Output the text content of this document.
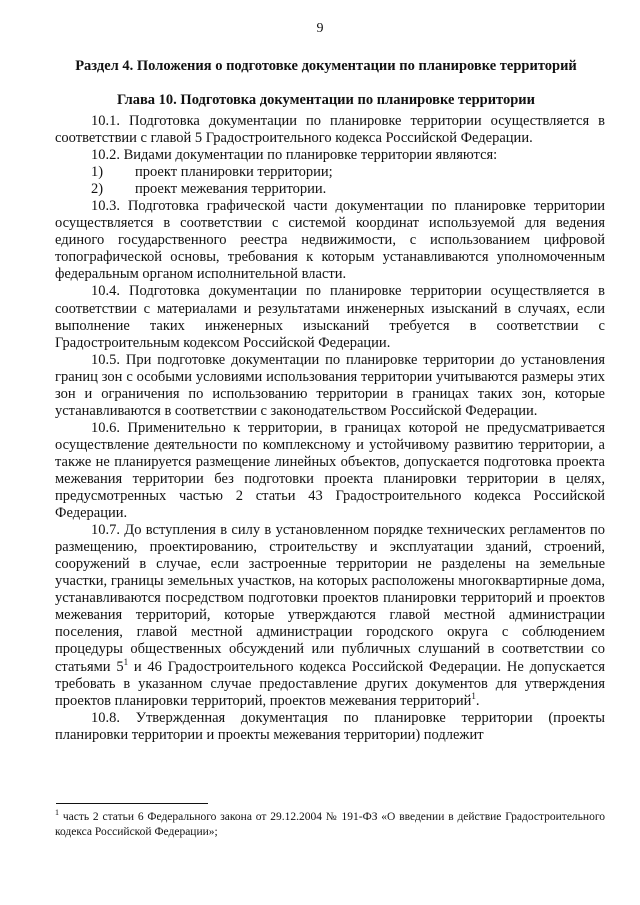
9
Раздел 4. Положения о подготовке документации по планировке территорий
Глава 10. Подготовка документации по планировке территории

10.1. Подготовка документации по планировке территории осуществляется в соответствии с главой 5 Градостроительного кодекса Российской Федерации.

10.2. Видами документации по планировке территории являются:

1) проект планировки территории;

2) проект межевания территории.

10.3. Подготовка графической части документации по планировке территории осуществляется в соответствии с системой координат используемой для ведения единого государственного реестра недвижимости, с использованием цифровой топографической основы, требования к которым устанавливаются уполномоченным федеральным органом исполнительной власти.

10.4. Подготовка документации по планировке территории осуществляется в соответствии с материалами и результатами инженерных изысканий в случаях, если выполнение таких инженерных изысканий требуется в соответствии с Градостроительным кодексом Российской Федерации.

10.5. При подготовке документации по планировке территории до установления границ зон с особыми условиями использования территории учитываются размеры этих зон и ограничения по использованию территории в границах таких зон, которые устанавливаются в соответствии с законодательством Российской Федерации.

10.6. Применительно к территории, в границах которой не предусматривается осуществление деятельности по комплексному и устойчивому развитию территории, а также не планируется размещение линейных объектов, допускается подготовка проекта межевания территории без подготовки проекта планировки территории в целях, предусмотренных частью 2 статьи 43 Градостроительного кодекса Российской Федерации.

10.7. До вступления в силу в установленном порядке технических регламентов по размещению, проектированию, строительству и эксплуатации зданий, строений, сооружений в случае, если застроенные территории не разделены на земельные участки, границы земельных участков, на которых расположены многоквартирные дома, устанавливаются посредством подготовки проектов планировки территорий и проектов межевания территорий, которые утверждаются главой местной администрации поселения, главой местной администрации городского округа с соблюдением процедуры общественных обсуждений или публичных слушаний в соответствии со статьями $5^1$ и 46 Градостроительного кодекса Российской Федерации. Не допускается требовать в указанном случае предоставление других документов для утверждения проектов планировки территорий, проектов межевания территорий$^1$.

10.8. Утвержденная документация по планировке территории (проекты планировки территории и проекты межевания территории) подлежит

$^1$ часть 2 статьи 6 Федерального закона от 29.12.2004 № 191-ФЗ «О введении в действие Градостроительного кодекса Российской Федерации»;
